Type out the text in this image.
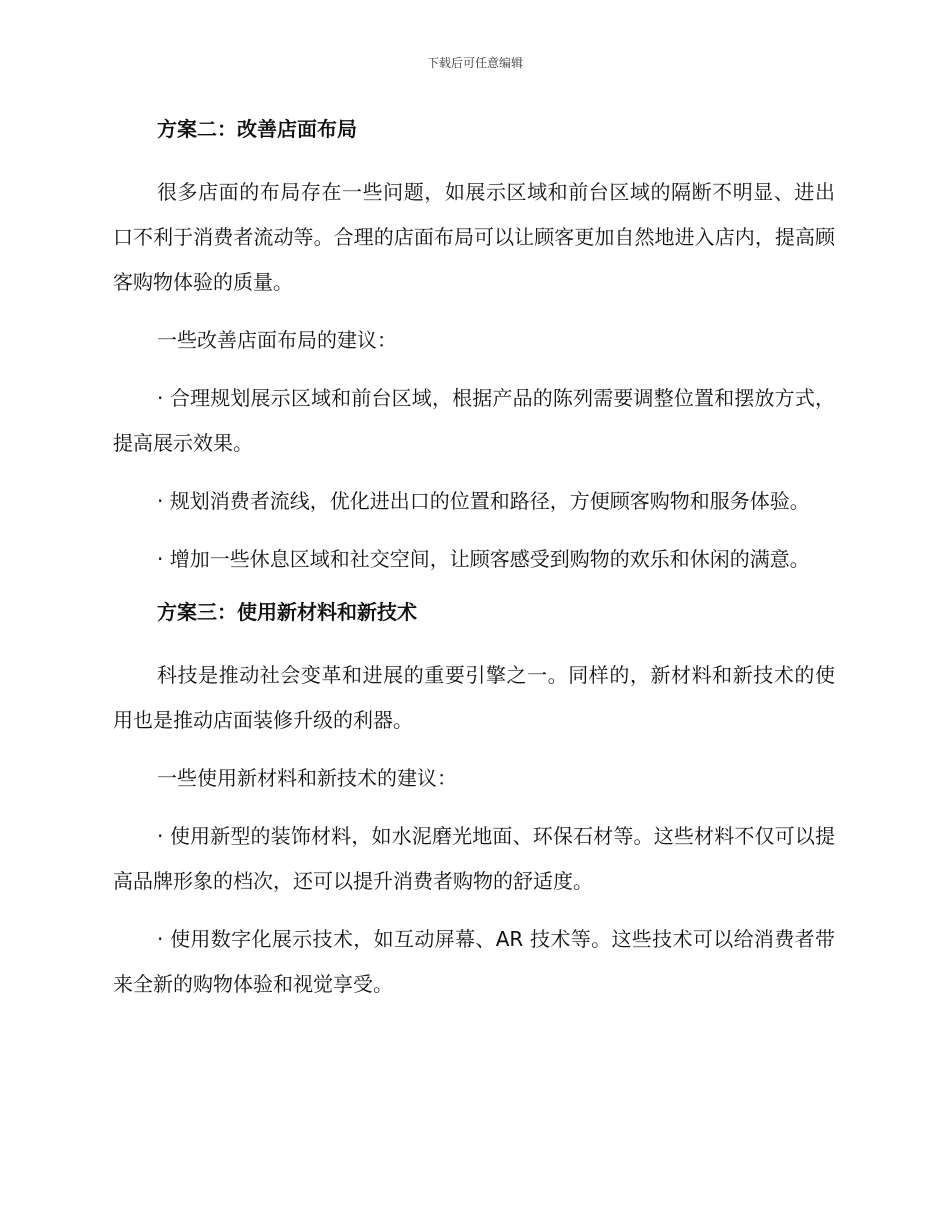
下载后可任意编辑
方案二：改善店面布局

很多店面的布局存在一些问题，如展示区域和前台区域的隔断不明显、进出口不利于消费者流动等。合理的店面布局可以让顾客更加自然地进入店内，提高顾客购物体验的质量。

一些改善店面布局的建议：

· 合理规划展示区域和前台区域，根据产品的陈列需要调整位置和摆放方式，提高展示效果。

· 规划消费者流线，优化进出口的位置和路径，方便顾客购物和服务体验。

· 增加一些休息区域和社交空间，让顾客感受到购物的欢乐和休闲的满意。

方案三：使用新材料和新技术

科技是推动社会变革和进展的重要引擎之一。同样的，新材料和新技术的使用也是推动店面装修升级的利器。

一些使用新材料和新技术的建议：

· 使用新型的装饰材料，如水泥磨光地面、环保石材等。这些材料不仅可以提高品牌形象的档次，还可以提升消费者购物的舒适度。

· 使用数字化展示技术，如互动屏幕、AR 技术等。这些技术可以给消费者带来全新的购物体验和视觉享受。
